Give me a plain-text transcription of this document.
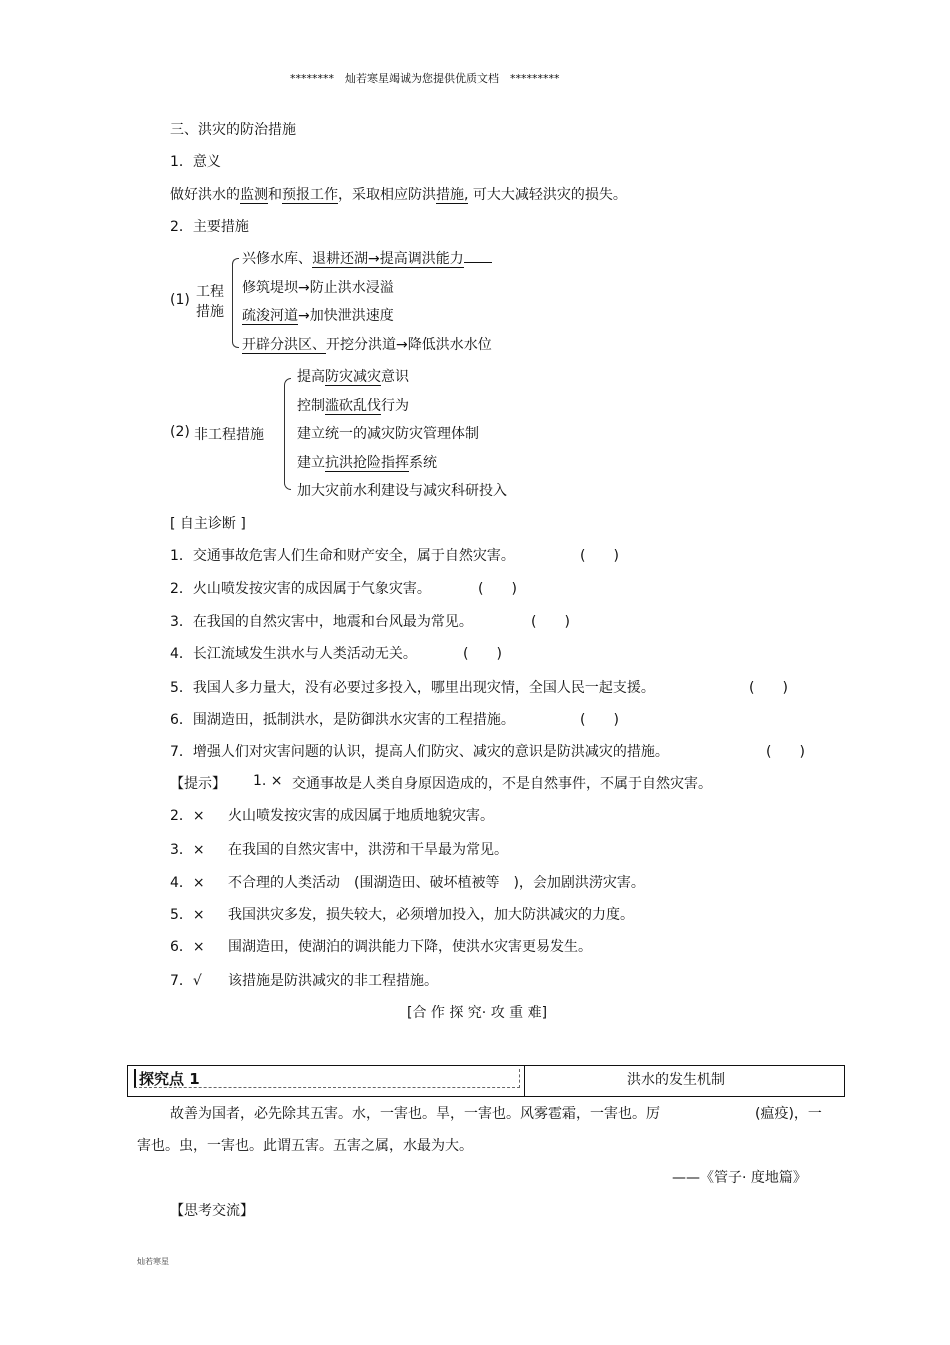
********　灿若寒星竭诚为您提供优质文档　*********
三、洪灾的防治措施
1．意义
做好洪水的监测和预报工作，采取相应防洪措施, 可大大减轻洪灾的损失。
2．主要措施
(1) 工程
措施
兴修水库、退耕还湖→提高调洪能力
修筑堤坝→防止洪水浸溢
疏浚河道→加快泄洪速度
开辟分洪区、开挖分洪道→降低洪水水位
(2) 非工程措施
提高防灾减灾意识
控制滥砍乱伐行为
建立统一的减灾防灾管理体制
建立抗洪抢险指挥系统
加大灾前水利建设与减灾科研投入
[ 自主诊断 ]
1．交通事故危害人们生命和财产安全，属于自然灾害。	(　　)
2．火山喷发按灾害的成因属于气象灾害。	(　　)
3．在我国的自然灾害中，地震和台风最为常见。	(　　)
4．长江流域发生洪水与人类活动无关。	(　　)
5．我国人多力量大，没有必要过多投入，哪里出现灾情，全国人民一起支援。	(　　)
6．围湖造田，抵制洪水，是防御洪水灾害的工程措施。	(　　)
7．增强人们对灾害问题的认识，提高人们防灾、减灾的意识是防洪减灾的措施。	(　　)
【提示】 1. × 交通事故是人类自身原因造成的，不是自然事件，不属于自然灾害。
2．× 火山喷发按灾害的成因属于地质地貌灾害。
3．× 在我国的自然灾害中，洪涝和干旱最为常见。
4．× 不合理的人类活动　(围湖造田、破坏植被等　)，会加剧洪涝灾害。
5．× 我国洪灾多发，损失较大，必须增加投入，加大防洪减灾的力度。
6．× 围湖造田，使湖泊的调洪能力下降，使洪水灾害更易发生。
7．√ 该措施是防洪减灾的非工程措施。
[合 作 探 究· 攻 重 难]
探究点 1	洪水的发生机制
故善为国者，必先除其五害。水，一害也。旱，一害也。风雾雹霜，一害也。厉	(瘟疫)，一
害也。虫，一害也。此谓五害。五害之属，水最为大。
——《管子· 度地篇》
【思考交流】
灿若寒星
